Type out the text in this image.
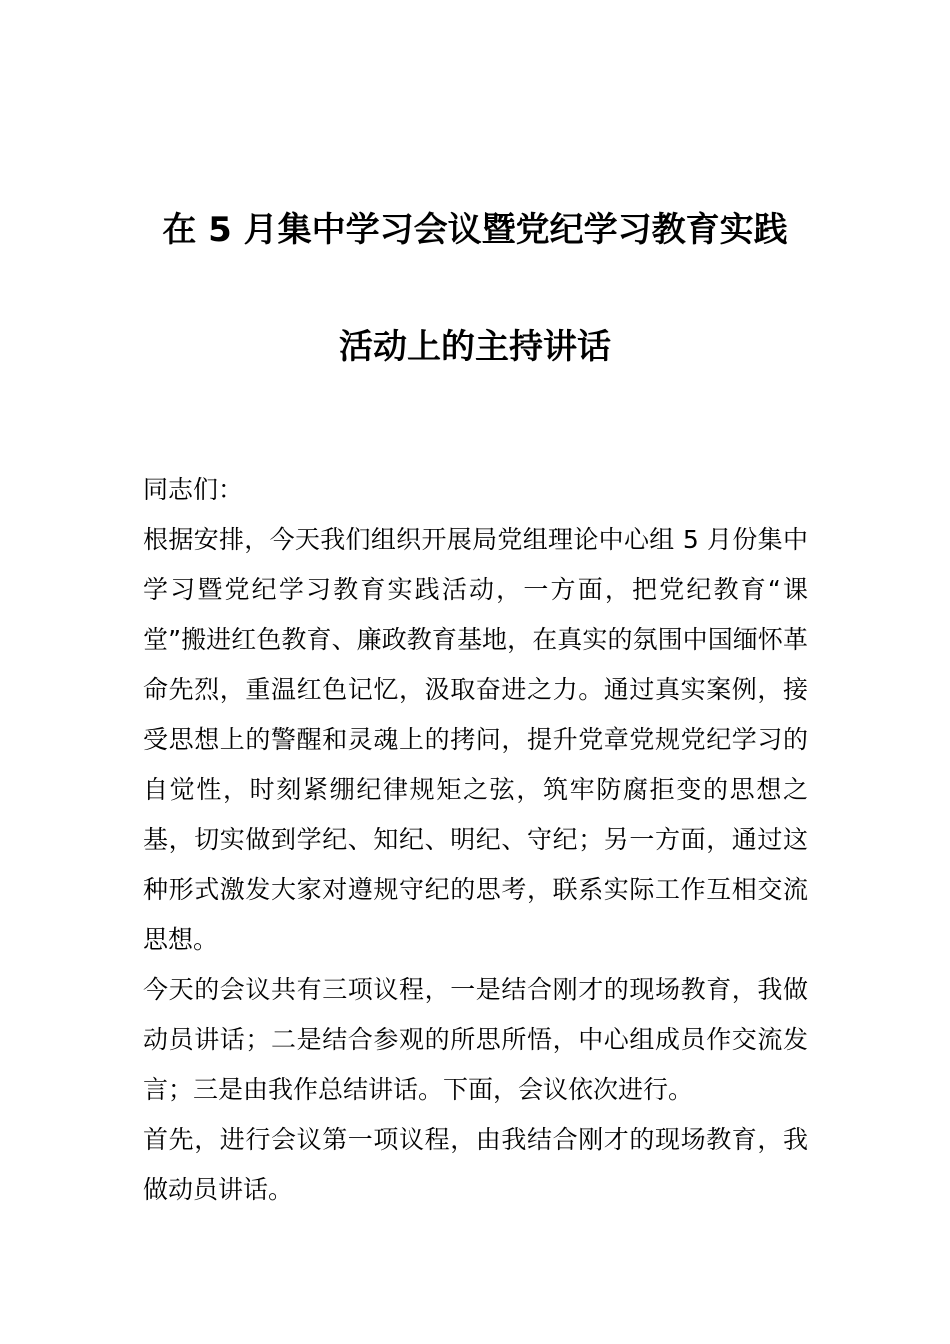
在 5 月集中学习会议暨党纪学习教育实践
活动上的主持讲话

同志们：

根据安排，今天我们组织开展局党组理论中心组 5 月份集中学习暨党纪学习教育实践活动，一方面，把党纪教育“课堂”搬进红色教育、廉政教育基地，在真实的氛围中国缅怀革命先烈，重温红色记忆，汲取奋进之力。通过真实案例，接受思想上的警醒和灵魂上的拷问，提升党章党规党纪学习的自觉性，时刻紧绷纪律规矩之弦，筑牢防腐拒变的思想之基，切实做到学纪、知纪、明纪、守纪；另一方面，通过这种形式激发大家对遵规守纪的思考，联系实际工作互相交流思想。

今天的会议共有三项议程，一是结合刚才的现场教育，我做动员讲话；二是结合参观的所思所悟，中心组成员作交流发言；三是由我作总结讲话。下面，会议依次进行。

首先，进行会议第一项议程，由我结合刚才的现场教育，我做动员讲话。
